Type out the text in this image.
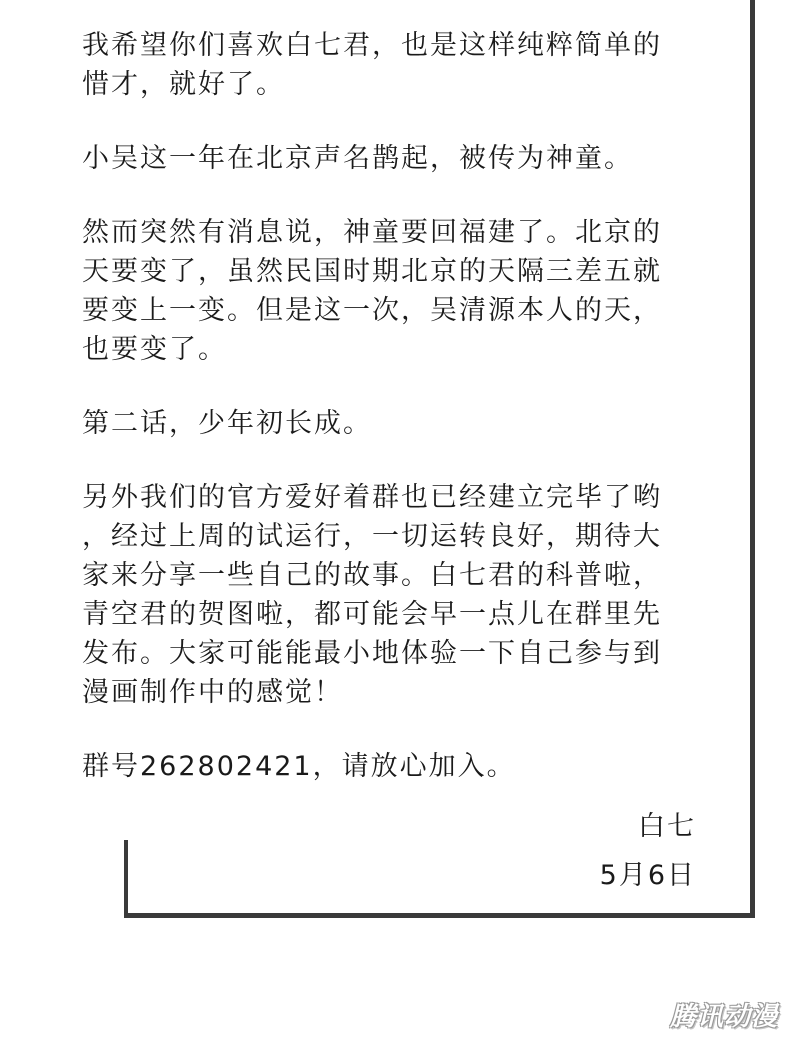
我希望你们喜欢白七君，也是这样纯粹简单的

惜才，就好了。

小吴这一年在北京声名鹊起，被传为神童。

然而突然有消息说，神童要回福建了。北京的

天要变了，虽然民国时期北京的天隔三差五就

要变上一变。但是这一次，吴清源本人的天，

也要变了。

第二话，少年初长成。

另外我们的官方爱好着群也已经建立完毕了哟

，经过上周的试运行，一切运转良好，期待大

家来分享一些自己的故事。白七君的科普啦，

青空君的贺图啦，都可能会早一点儿在群里先

发布。大家可能能最小地体验一下自己参与到

漫画制作中的感觉！

群号262802421，请放心加入。

白七
5月6日
腾讯动漫
